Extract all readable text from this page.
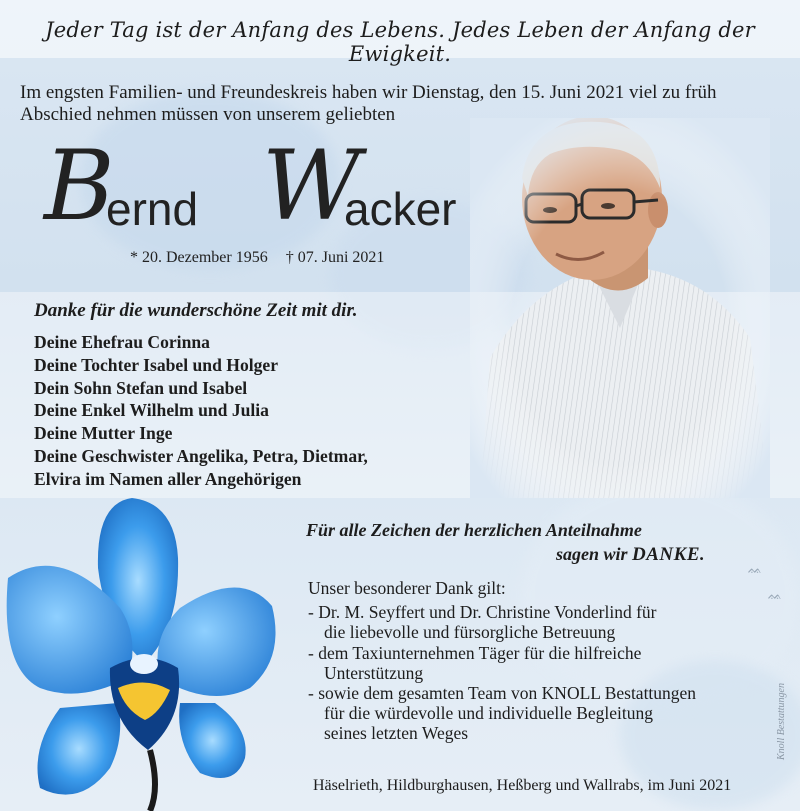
Jeder Tag ist der Anfang des Lebens. Jedes Leben der Anfang der Ewigkeit.
Im engsten Familien- und Freundeskreis haben wir Dienstag, den 15. Juni 2021 viel zu früh
Abschied nehmen müssen von unserem geliebten
B
ernd W
acker
* 20. Dezember 1956 † 07. Juni 2021
Danke für die wunderschöne Zeit mit dir.
Deine Ehefrau Corinna
Deine Tochter Isabel und Holger
Dein Sohn Stefan und Isabel
Deine Enkel Wilhelm und Julia
Deine Mutter Inge
Deine Geschwister Angelika, Petra, Dietmar,
Elvira im Namen aller Angehörigen
Für alle Zeichen der herzlichen Anteilnahme
sagen wir DANKE.
Unser besonderer Dank gilt:
- Dr. M. Seyffert und Dr. Christine Vonderlind für
die liebevolle und fürsorgliche Betreuung
- dem Taxiunternehmen Täger für die hilfreiche
Unterstützung
- sowie dem gesamten Team von KNOLL Bestattungen
für die würdevolle und individuelle Begleitung
seines letzten Weges
Häselrieth, Hildburghausen, Heßberg und Wallrabs, im Juni 2021
Knoll Bestattungen
ᨐ
ᨐ
